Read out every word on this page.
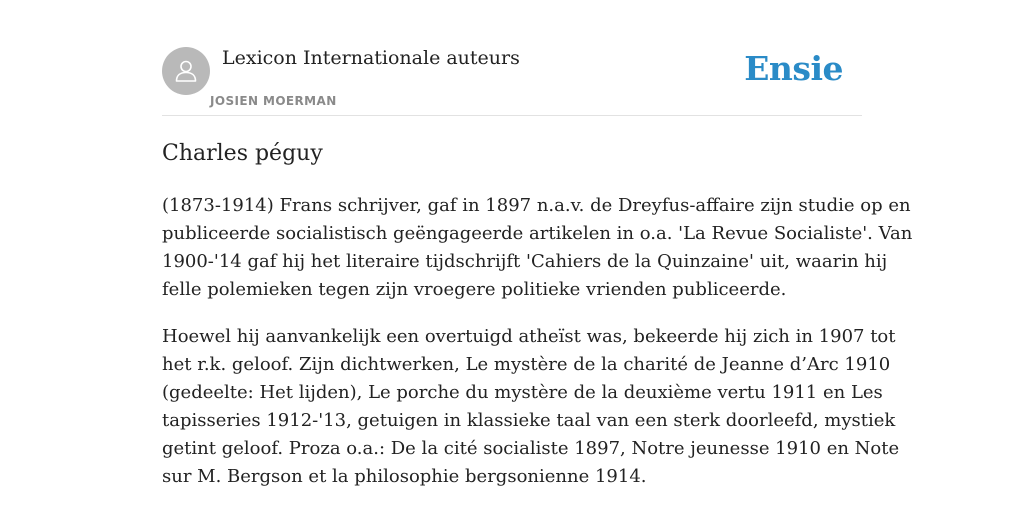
Lexicon Internationale auteurs
JOSIEN MOERMAN
Ensie
Charles péguy

(1873-1914) Frans schrijver, gaf in 1897 n.a.v. de Dreyfus-affaire zijn studie op en
publiceerde socialistisch geëngageerde artikelen in o.a. 'La Revue Socialiste'. Van
1900-'14 gaf hij het literaire tijdschrijft 'Cahiers de la Quinzaine' uit, waarin hij
felle polemieken tegen zijn vroegere politieke vrienden publiceerde.

Hoewel hij aanvankelijk een overtuigd atheïst was, bekeerde hij zich in 1907 tot
het r.k. geloof. Zijn dichtwerken, Le mystère de la charité de Jeanne d’Arc 1910
(gedeelte: Het lijden), Le porche du mystère de la deuxième vertu 1911 en Les
tapisseries 1912-'13, getuigen in klassieke taal van een sterk doorleefd, mystiek
getint geloof. Proza o.a.: De la cité socialiste 1897, Notre jeunesse 1910 en Note
sur M. Bergson et la philosophie bergsonienne 1914.
